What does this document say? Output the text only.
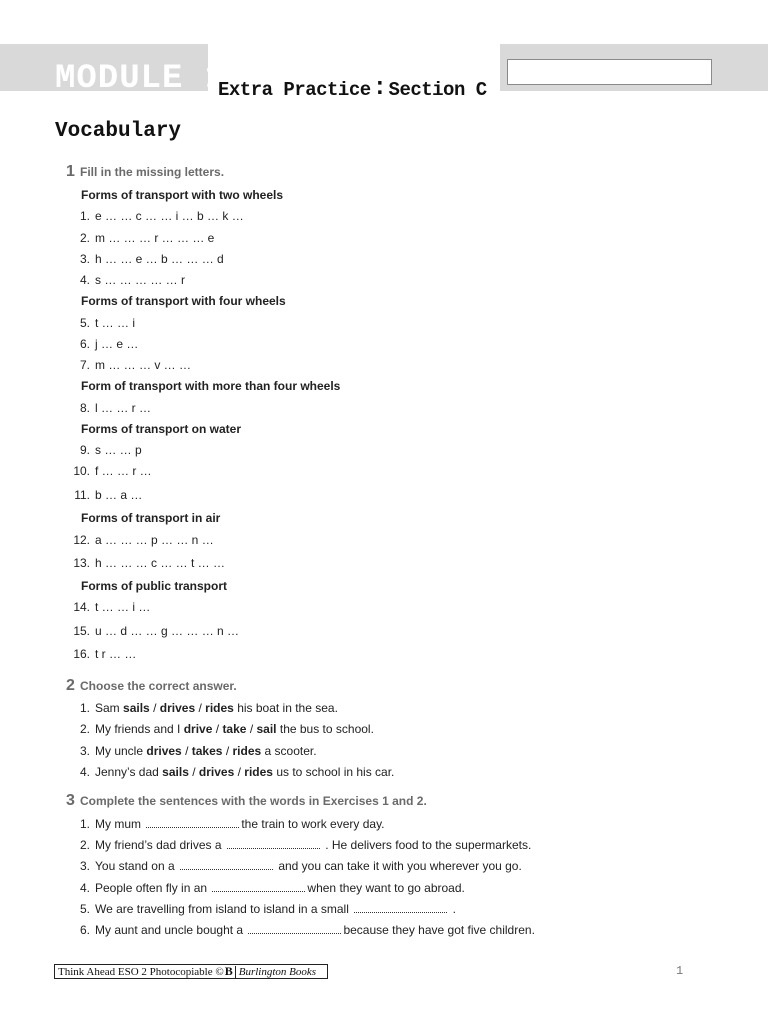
MODULE 1
Extra Practice: Section C
Vocabulary
1 Fill in the missing letters.
Forms of transport with two wheels
1. e … … c … … i … b … k …
2. m … … … r … … … e
3. h … … e … b … … … d
4. s … … … … … r
Forms of transport with four wheels
5. t … … i
6. j … e …
7. m … … … v … …
Form of transport with more than four wheels
8. l … … r …
Forms of transport on water
9. s … … p
10. f … … r …
11. b … a …
Forms of transport in air
12. a … … … p … … n …
13. h … … … c … … t … …
Forms of public transport
14. t … … i …
15. u … d … … g … … … n …
16. t r … …
2 Choose the correct answer.
1. Sam sails / drives / rides his boat in the sea.
2. My friends and I drive / take / sail the bus to school.
3. My uncle drives / takes / rides a scooter.
4. Jenny’s dad sails / drives / rides us to school in his car.
3 Complete the sentences with the words in Exercises 1 and 2.
1. My mum	the train to work every day.
2. My friend’s dad drives a	. He delivers food to the supermarkets.
3. You stand on a	and you can take it with you wherever you go.
4. People often fly in an	when they want to go abroad.
5. We are travelling from island to island in a small	.
6. My aunt and uncle bought a	because they have got five children.
Think Ahead ESO 2 Photocopiable ©B Burlington Books	1
